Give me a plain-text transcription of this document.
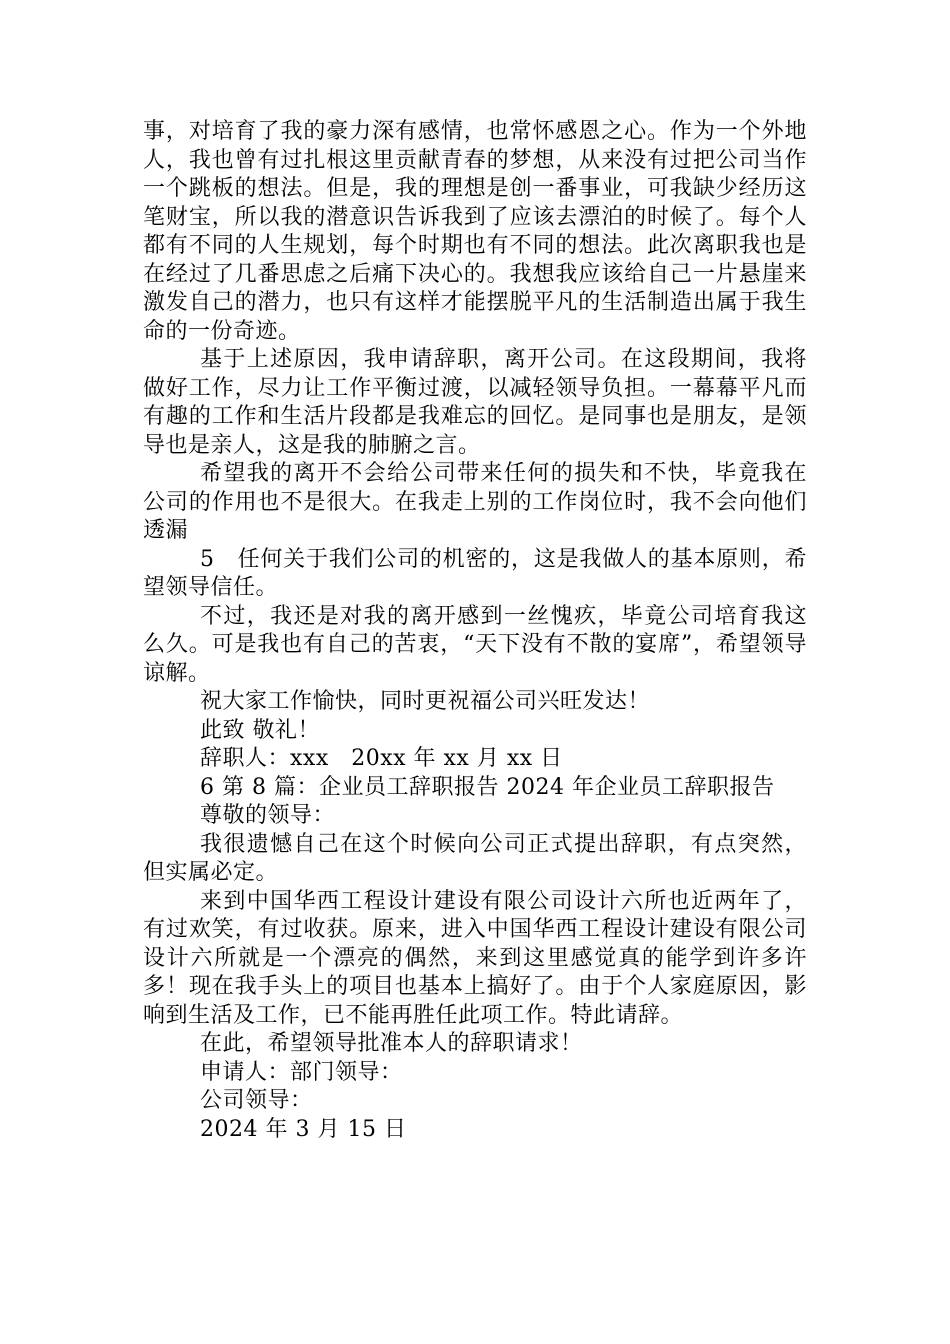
事，对培育了我的豪力深有感情，也常怀感恩之心。作为一个外地人，我也曾有过扎根这里贡献青春的梦想，从来没有过把公司当作一个跳板的想法。但是，我的理想是创一番事业，可我缺少经历这笔财宝，所以我的潜意识告诉我到了应该去漂泊的时候了。每个人都有不同的人生规划，每个时期也有不同的想法。此次离职我也是在经过了几番思虑之后痛下决心的。我想我应该给自己一片悬崖来激发自己的潜力，也只有这样才能摆脱平凡的生活制造出属于我生命的一份奇迹。

基于上述原因，我申请辞职，离开公司。在这段期间，我将做好工作，尽力让工作平衡过渡，以减轻领导负担。一幕幕平凡而有趣的工作和生活片段都是我难忘的回忆。是同事也是朋友，是领导也是亲人，这是我的肺腑之言。

希望我的离开不会给公司带来任何的损失和不快，毕竟我在公司的作用也不是很大。在我走上别的工作岗位时，我不会向他们透漏

5　任何关于我们公司的机密的，这是我做人的基本原则，希望领导信任。

不过，我还是对我的离开感到一丝愧疚，毕竟公司培育我这么久。可是我也有自己的苦衷，“天下没有不散的宴席”，希望领导谅解。

祝大家工作愉快，同时更祝福公司兴旺发达！

此致 敬礼！

辞职人：xxx　20xx 年 xx 月 xx 日

6 第 8 篇：企业员工辞职报告 2024 年企业员工辞职报告

尊敬的领导：

我很遗憾自己在这个时候向公司正式提出辞职，有点突然，但实属必定。

来到中国华西工程设计建设有限公司设计六所也近两年了，有过欢笑，有过收获。原来，进入中国华西工程设计建设有限公司设计六所就是一个漂亮的偶然，来到这里感觉真的能学到许多许多！现在我手头上的项目也基本上搞好了。由于个人家庭原因，影响到生活及工作，已不能再胜任此项工作。特此请辞。

在此，希望领导批准本人的辞职请求！

申请人：部门领导：

公司领导：

2024 年 3 月 15 日
